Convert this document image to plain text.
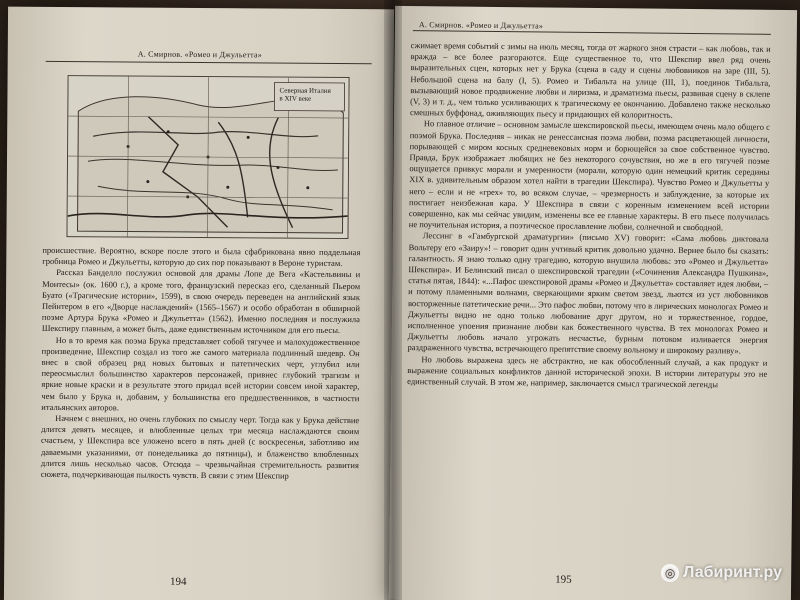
А. Смирнов. «Ромео и Джульетта»
Северная Италия
в XIV веке

происшествие. Вероятно, вскоре после этого и была сфабрикована явно поддельная гробница Ромео и Джульетты, которую до сих пор показывают в Вероне туристам.

Рассказ Банделло послужил основой для драмы Лопе де Вега «Кастельвины и Монтесы» (ок. 1600 г.), а кроме того, французский пересказ его, сделанный Пьером Буато («Трагические истории», 1599), в свою очередь переведен на английский язык Пейнтером в его «Дворце наслаждений» (1565–1567) и особо обработан в обширной поэме Артура Брука «Ромео и Джульетта» (1562). Именно последняя и послужила Шекспиру главным, а может быть, даже единственным источником для его пьесы.

Но в то время как поэма Брука представляет собой тягучее и малохудожественное произведение, Шекспир создал из того же самого материала подлинный шедевр. Он внес в свой образец ряд новых бытовых и патетических черт, углубил или переосмыслил большинство характеров персонажей, привнес глубокий трагизм и яркие новые краски и в результате этого придал всей истории совсем иной характер, чем было у Брука и, добавим, у большинства его предшественников, в частности итальянских авторов.

Начнем с внешних, но очень глубоких по смыслу черт. Тогда как у Брука действие длится девять месяцев, и влюбленные целых три месяца наслаждаются своим счастьем, у Шекспира все уложено всего в пять дней (с воскресенья, заботливо им даваемыми указаниями, от понедельника до пятницы), и блаженство влюбленных длится лишь несколько часов. Отсюда – чрезвычайная стремительность развития сюжета, подчеркивающая пылкость чувств. В связи с этим Шекспир

194
А. Смирнов. «Ромео и Джульетта»

сжимает время событий с зимы на июль месяц, тогда от жаркого зноя страсти – как любовь, так и вражда – все более разгораются. Еще существенное то, что Шекспир ввел ряд очень выразительных сцен, которых нет у Брука (сцена в саду и сцены любовников на заре (III, 5). Небольшой сцена на балу (I, 5). Ромео и Тибальта на улице (III, 1), поединок Тибальта, вызывающий новое продвижение любви и лиризма, и драматизма пьесы, развивая сцену в склепе (V, 3) и т. д., чем только усиливающих к трагическому ее окончанию. Добавлено также несколько смешных буффонад, оживляющих пьесу и придающих ей колоритность.

Но главное отличие – основном замысле шекспировской пьесы, имеющем очень мало общего с поэмой Брука. Последняя – никак не ренессансная поэма любви, поэма расцветающей личности, порывающей с миром косных средневековых норм и борющейся за свое собственное чувство. Правда, Брук изображает любящих не без некоторого сочувствия, но же в его тягучей поэме ощущается привкус морали и умеренности (морали, которую один немецкий критик середины XIX в. удивительным образом хотел найти в трагедии Шекспира). Чувство Ромео и Джульетты у него – если и не «грех» то, во всяком случае, – чрезмерность и заблуждение, за которые их постигает неизбежная кара. У Шекспира в связи с коренным изменением всей истории совершенно, как мы сейчас увидим, изменены все ее главные характеры. В его пьесе получилась не поучительная история, а поэтическое прославление любви, солнечной и свободной.

Лессинг в «Гамбургской драматургии» (письмо XV) говорит: «Сама любовь диктовала Вольтеру его «Заиру»! – говорит один учтивый критик довольно удачно. Вернее было бы сказать: галантность. Я знаю только одну трагедию, которую внушила любовь: это «Ромео и Джульетта» Шекспира». И Белинский писал о шекспировской трагедии («Сочинения Александра Пушкина», статья пятая, 1844): «...Пафос шекспировой драмы «Ромео и Джульетта» составляет идея любви, – и потому пламенными волнами, сверкающими ярким светом звезд, льются из уст любовников восторженные патетические речи... Это пафос любви, потому что в лирических монологах Ромео и Джульетты видно не одно только любование друг другом, но и торжественное, гордое, исполненное упоения признание любви как божественного чувства. В тех монологах Ромео и Джульетты любовь начало угрожать несчастье, бурным потоком изливается энергия раздраженного чувства, встречающего препятствие своему вольному и широкому разливу».

Но любовь выражена здесь не абстрактно, не как обособленный случай, а как продукт и выражение социальных конфликтов данной исторической эпохи. В истории литературы это не единственный случай. В этом же, например, заключается смысл трагической легенды

195	◎ Лабиринт.ру
